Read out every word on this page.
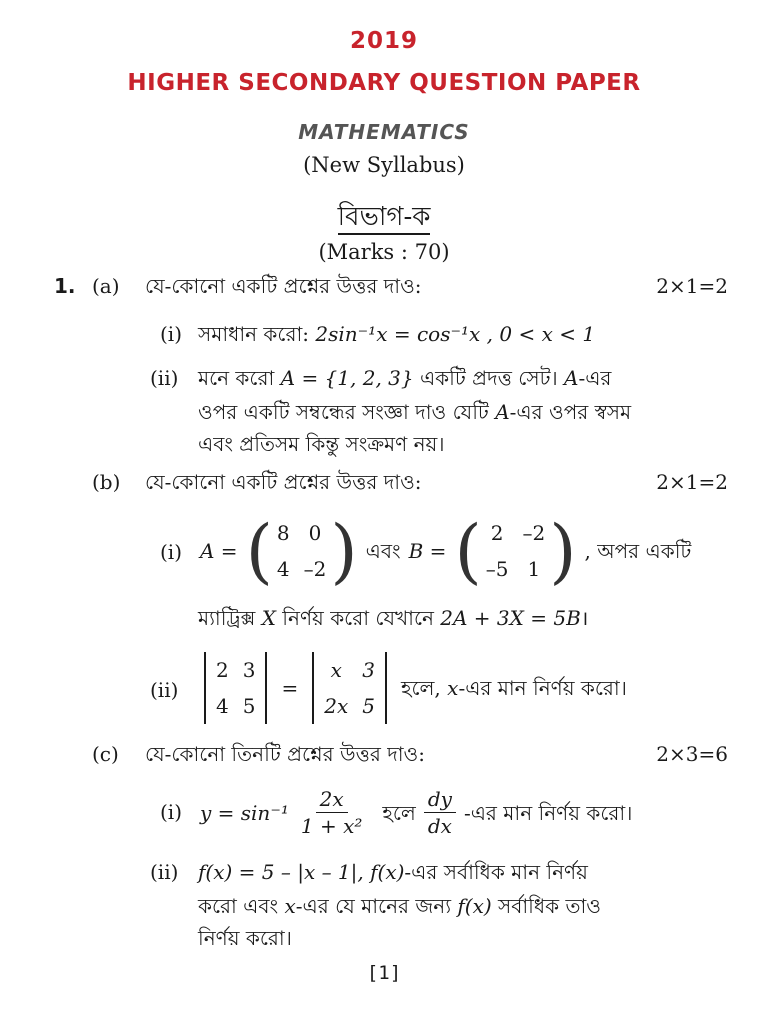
2019
HIGHER SECONDARY QUESTION PAPER
MATHEMATICS
(New Syllabus)
বিভাগ-ক
(Marks : 70)
1. (a) যে-কোনো একটি প্রশ্নের উত্তর দাও:	2×1=2
(i) সমাধান করো: 2sin⁻¹x = cos⁻¹x , 0 < x < 1
(ii) মনে করো A = {1, 2, 3} একটি প্রদত্ত সেট। A-এর
ওপর একটি সম্বন্ধের সংজ্ঞা দাও যেটি A-এর ওপর স্বসম
এবং প্রতিসম কিন্তু সংক্রমণ নয়।
(b) যে-কোনো একটি প্রশ্নের উত্তর দাও:	2×1=2
(i) A = ( 8 0
4 –2 ) এবং B = ( 2 –2
–5 1 ) , অপর একটি
ম্যাট্রিক্স X নির্ণয় করো যেখানে 2A + 3X = 5B।
(ii)
2 3
4 5
=
x	3
2x 5
হলে, x-এর মান নির্ণয় করো।
(c) যে-কোনো তিনটি প্রশ্নের উত্তর দাও:	2×3=6
(i) $y = \sin^{-1} \frac{2x}{\text{1 + x²}}$ হলে $\frac{dy}{dx}$ -এর মান নির্ণয় করো।
(ii) f(x) = 5 – |x – 1|, f(x)-এর সর্বাধিক মান নির্ণয়
করো এবং x-এর যে মানের জন্য f(x) সর্বাধিক তাও
নির্ণয় করো।
[1]
